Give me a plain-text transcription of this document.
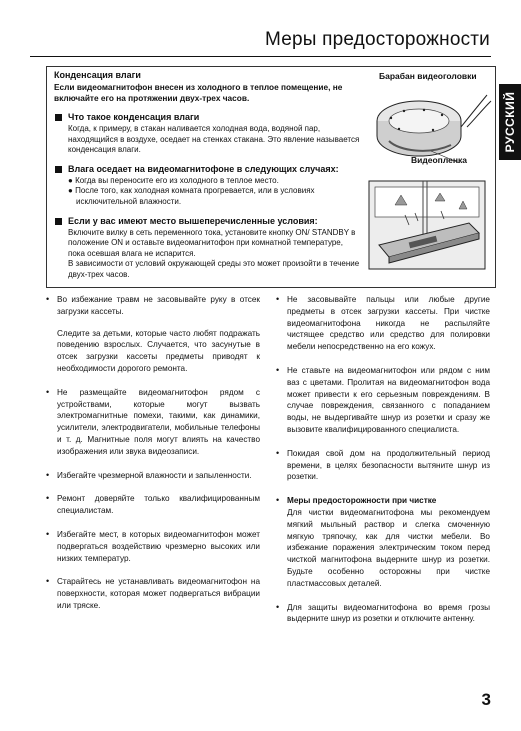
Меры предосторожности
РУССКИЙ
Конденсация влаги
Если видеомагнитофон внесен из холодного в теплое помещение, не включайте его на протяжении двух-трех часов.
Что такое конденсация влаги
Когда, к примеру, в стакан наливается холодная вода, водяной пар, находящийся в воздухе, оседает на стенках стакана. Это явление называется конденсация влаги.
Влага оседает на видеомагнитофоне в следующих случаях:
● Когда вы переносите его из холодного в теплое место.
● После того, как холодная комната прогревается, или в условиях исключительной влажности.
Если у вас имеют место вышеперечисленные условия:
Включите вилку в сеть переменного тока, установите кнопку ON/ STANDBY в положение ON и оставьте видеомагнитофон при комнатной температуре, пока осевшая влага не испарится.
В зависимости от условий окружающей среды это может произойти в течение двух-трех часов.
Барабан видеоголовки
Видеопленка

• Во избежание травм не засовывайте руку в отсек загрузки кассеты.

Следите за детьми, которые часто любят подражать поведению взрослых. Случается, что засунутые в отсек загрузки кассеты предметы приводят к необходимости дорогого ремонта.

• Не размещайте видеомагнитофон рядом с устройствами, которые могут вызвать электромагнитные помехи, такими, как динамики, усилители, электродвигатели, мобильные телефоны и т. д. Магнитные поля могут влиять на качество изображения или звука видеозаписи.

• Избегайте чрезмерной влажности и запыленности.

• Ремонт доверяйте только квалифицированным специалистам.

• Избегайте мест, в которых видеомагнитофон может подвергаться воздействию чрезмерно высоких или низких температур.

• Старайтесь не устанавливать видеомагнитофон на поверхности, которая может подвергаться вибрации или тряске.

• Не засовывайте пальцы или любые другие предметы в отсек загрузки кассеты. При чистке видеомагнитофона никогда не распыляйте чистящее средство или средство для полировки мебели непосредственно на его кожух.

• Не ставьте на видеомагнитофон или рядом с ним ваз с цветами. Пролитая на видеомагнитофон вода может привести к его серьезным повреждениям. В случае повреждения, связанного с попаданием воды, не выдергивайте шнур из розетки и сразу же вызовите квалифицированного специалиста.

• Покидая свой дом на продолжительный период времени, в целях безопасности вытяните шнур из розетки.

• Меры предосторожности при чистке

Для чистки видеомагнитофона мы рекомендуем мягкий мыльный раствор и слегка смоченную мягкую тряпочку, как для чистки мебели. Во избежание поражения электрическим током перед чисткой магнитофона выдерните шнур из розетки. Будьте особенно осторожны при чистке пластмассовых деталей.

• Для защиты видеомагнитофона во время грозы выдерните шнур из розетки и отключите антенну.

3
